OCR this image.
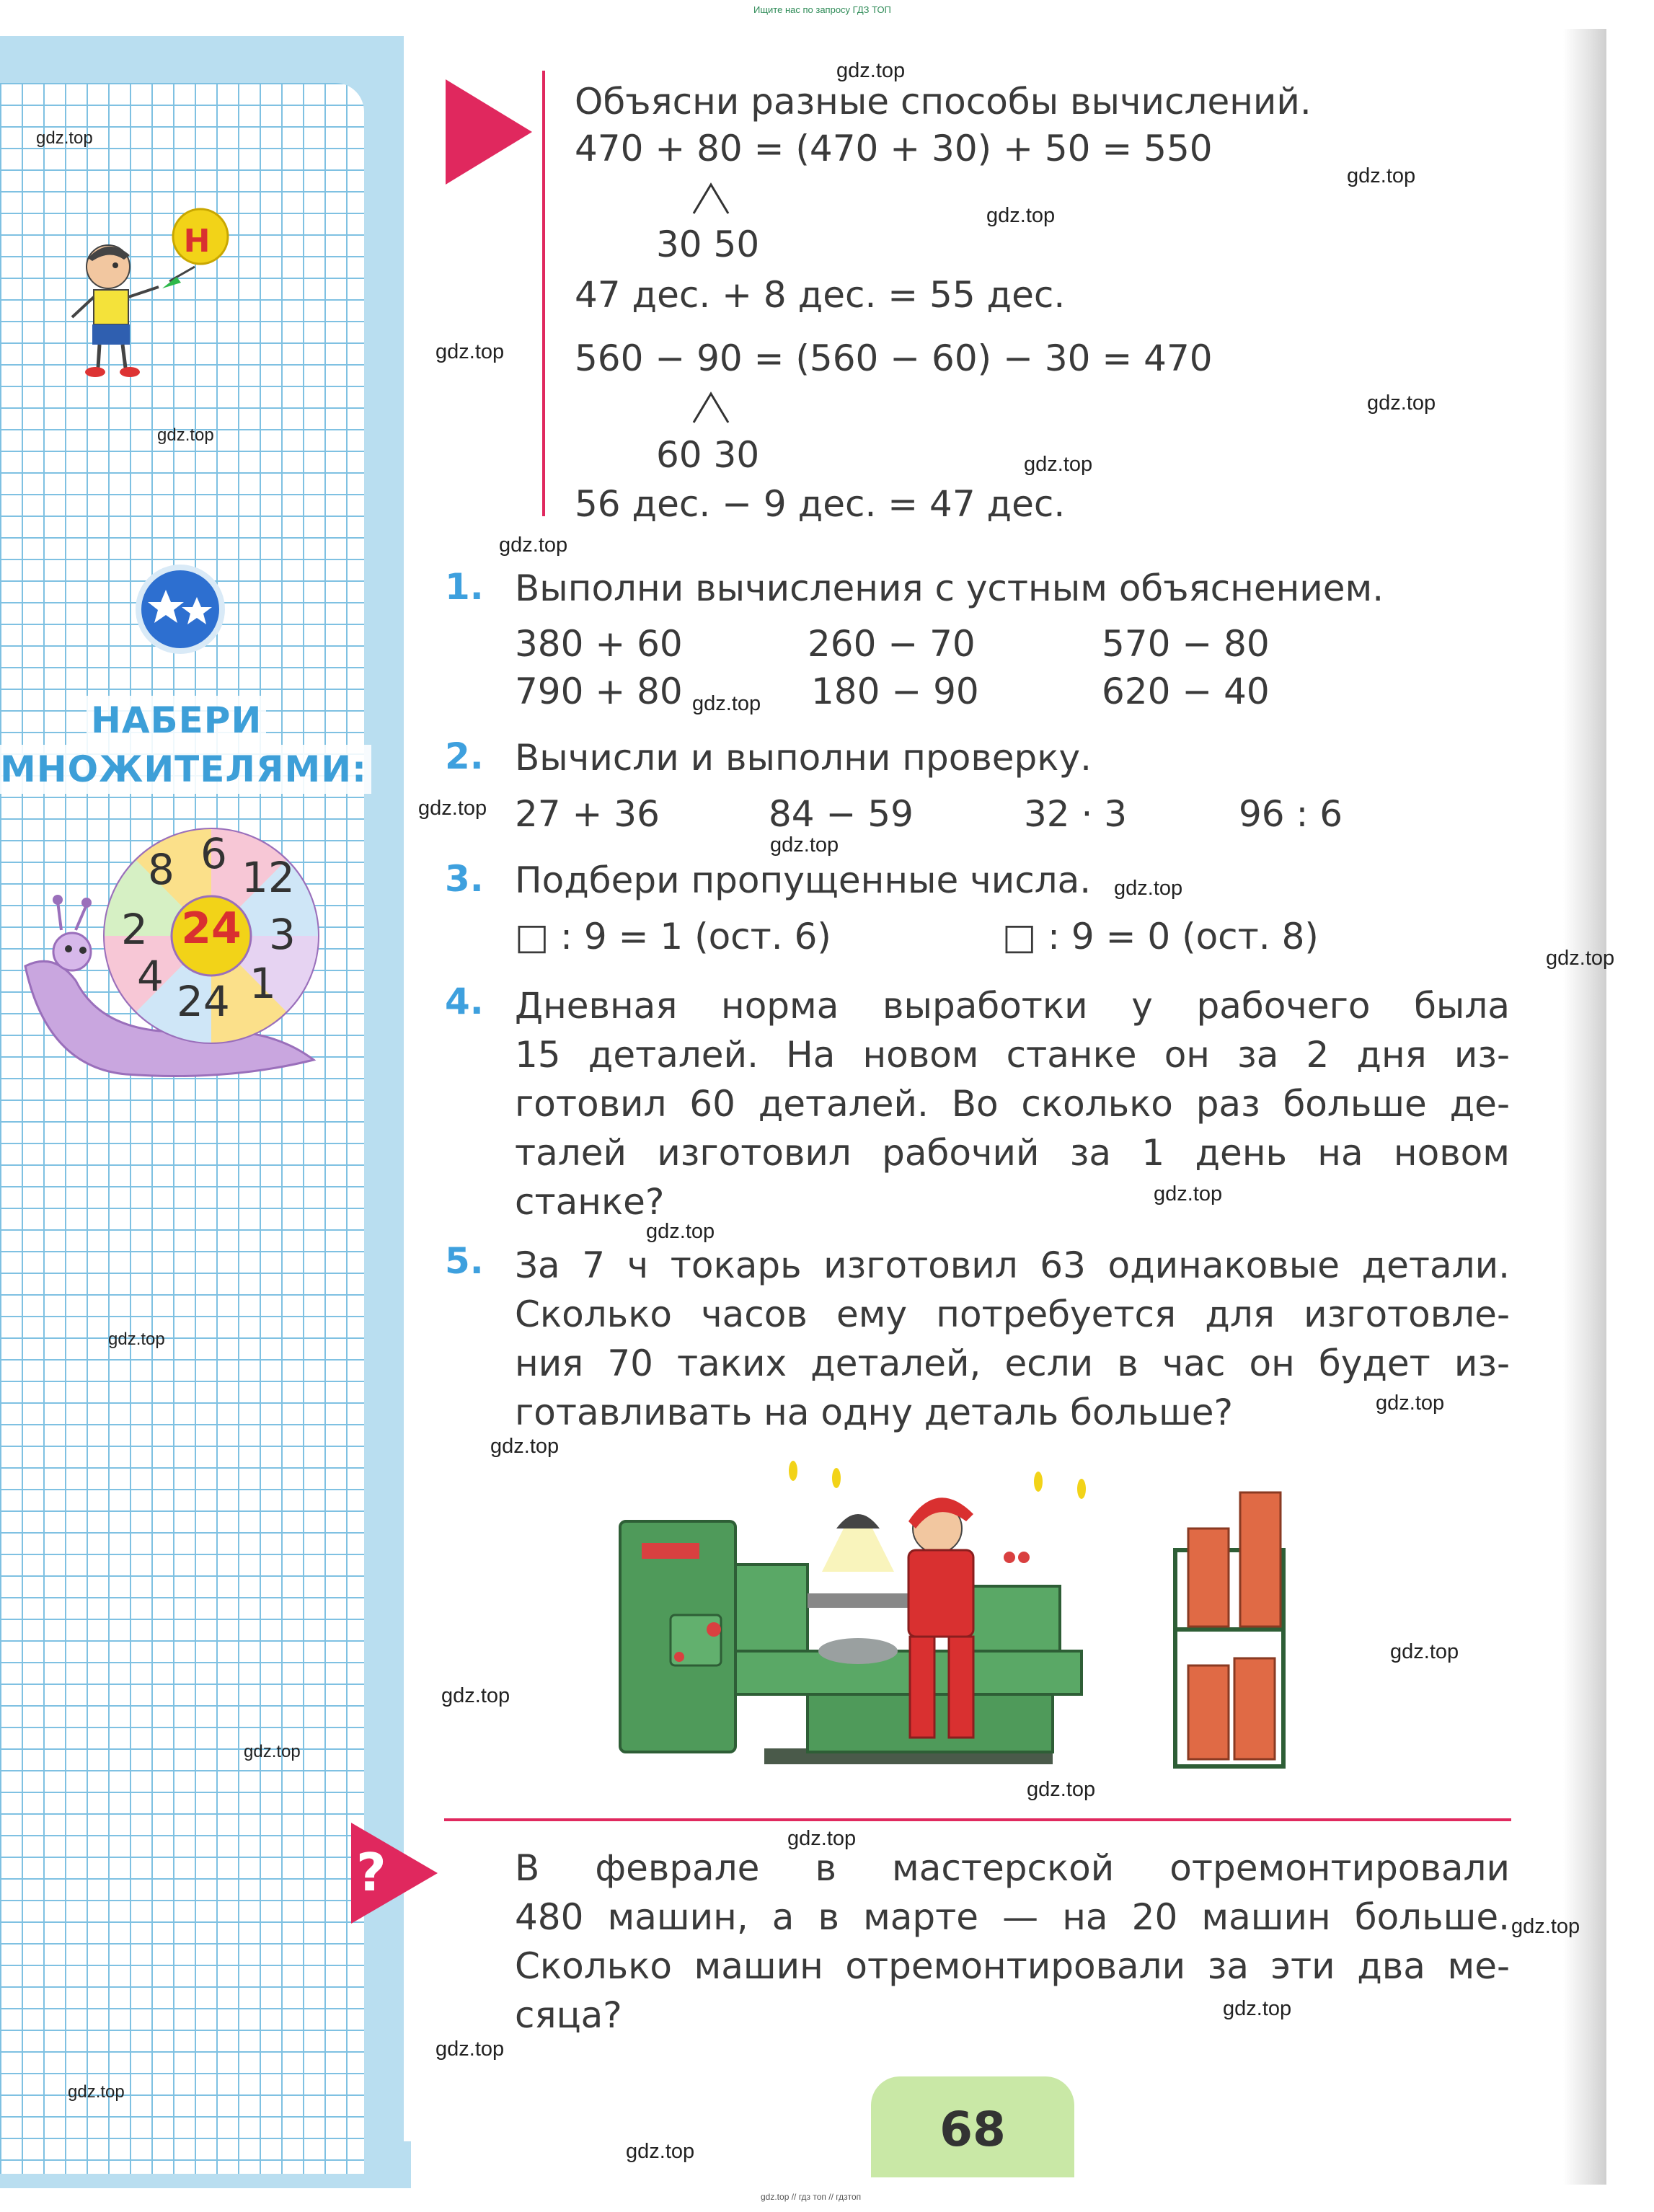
Ищите нас по запросу ГДЗ ТОП
gdz.top // гдз топ // гдзтоп
Н
НАБЕРИ
МНОЖИТЕЛЯМИ:
24
8 6 12
3
1
24
4
2
Объясни разные способы вычислений.
470 + 80 = (470 + 30) + 50 = 550
30 50
47 дес. + 8 дес. = 55 дес.
560 − 90 = (560 − 60) − 30 = 470
60 30
56 дес. − 9 дес. = 47 дес.
1. Выполни вычисления с устным объяснением.
380 + 60	260 − 70	570 − 80
790 + 80	180 − 90	620 − 40
2. Вычисли и выполни проверку.
27 + 36	84 − 59	32 · 3	96 : 6
3. Подбери пропущенные числа.
□ : 9 = 1 (ост. 6)	□ : 9 = 0 (ост. 8)
4. Дневная норма выработки у рабочего была
15 деталей. На новом станке он за 2 дня из-
готовил 60 деталей. Во сколько раз больше де-
талей изготовил рабочий за 1 день на новом
станке?
5. За 7 ч токарь изготовил 63 одинаковые детали.
Сколько часов ему потребуется для изготовле-
ния 70 таких деталей, если в час он будет из-
готавливать на одну деталь больше?
?	В феврале в мастерской отремонтировали
480 машин, а в марте — на 20 машин больше.
Сколько машин отремонтировали за эти два ме-
сяца?
68
gdz.top
gdz.top
gdz.top
gdz.top
gdz.top
gdz.top
gdz.top
gdz.top
gdz.top
gdz.top
gdz.top
gdz.top
gdz.top
gdz.top
gdz.top
gdz.top
gdz.top
gdz.top
gdz.top
gdz.top
gdz.top
gdz.top
gdz.top
gdz.top
gdz.top
gdz.top
gdz.top
gdz.top
gdz.top
